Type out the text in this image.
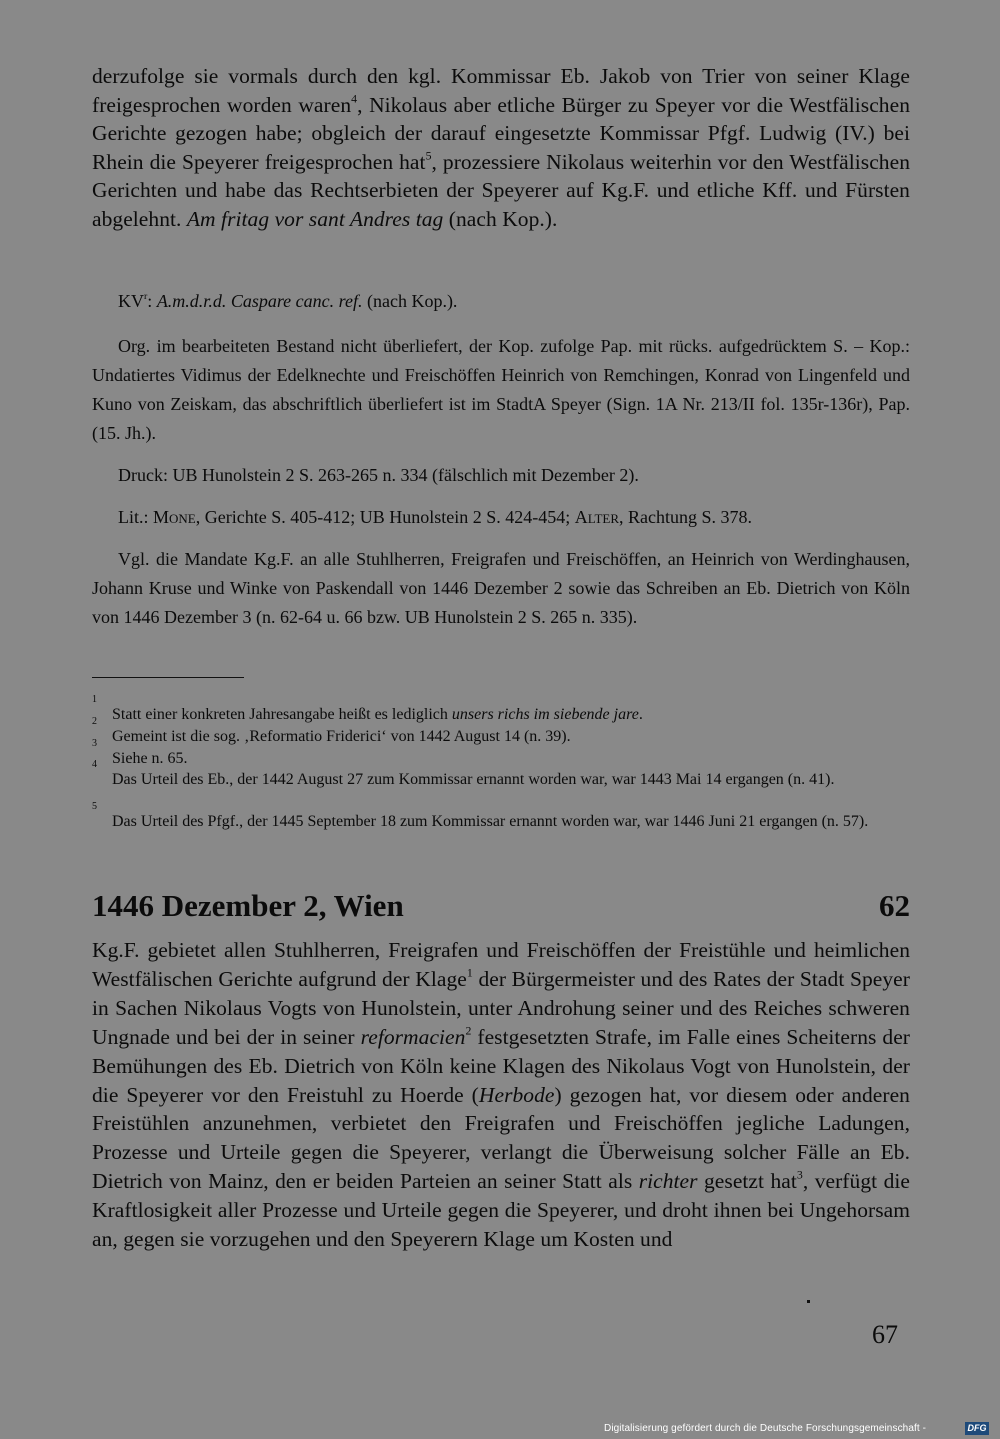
derzufolge sie vormals durch den kgl. Kommissar Eb. Jakob von Trier von seiner Klage freigesprochen worden waren$^4$, Nikolaus aber etliche Bürger zu Speyer vor die Westfälischen Gerichte gezogen habe; obgleich der darauf eingesetzte Kommissar Pfgf. Ludwig (IV.) bei Rhein die Speyerer freigesprochen hat$^5$, prozessiere Nikolaus weiterhin vor den Westfälischen Gerichten und habe das Rechtserbieten der Speyerer auf Kg.F. und etliche Kff. und Fürsten abgelehnt. Am fritag vor sant Andres tag (nach Kop.).

$KV^r$: A.m.d.r.d. Caspare canc. ref. (nach Kop.).

Org. im bearbeiteten Bestand nicht überliefert, der Kop. zufolge Pap. mit rücks. aufgedrücktem S. – Kop.: Undatiertes Vidimus der Edelknechte und Freischöffen Heinrich von Remchingen, Konrad von Lingenfeld und Kuno von Zeiskam, das abschriftlich überliefert ist im StadtA Speyer (Sign. 1A Nr. 213/II fol. 135r-136r), Pap. (15. Jh.).

Druck: UB Hunolstein 2 S. 263-265 n. 334 (fälschlich mit Dezember 2).

Lit.: Mone, Gerichte S. 405-412; UB Hunolstein 2 S. 424-454; Alter, Rachtung S. 378.

Vgl. die Mandate Kg.F. an alle Stuhlherren, Freigrafen und Freischöffen, an Heinrich von Werdinghausen, Johann Kruse und Winke von Paskendall von 1446 Dezember 2 sowie das Schreiben an Eb. Dietrich von Köln von 1446 Dezember 3 (n. 62-64 u. 66 bzw. UB Hunolstein 2 S. 265 n. 335).

1
Statt einer konkreten Jahresangabe heißt es lediglich unsers richs im siebende jare.

2
Gemeint ist die sog. ‚Reformatio Friderici‘ von 1442 August 14 (n. 39).

3
Siehe n. 65.

4
Das Urteil des Eb., der 1442 August 27 zum Kommissar ernannt worden war, war 1443 Mai 14 ergangen (n. 41).

5
Das Urteil des Pfgf., der 1445 September 18 zum Kommissar ernannt worden war, war 1446 Juni 21 ergangen (n. 57).

1446 Dezember 2, Wien	62

Kg.F. gebietet allen Stuhlherren, Freigrafen und Freischöffen der Freistühle und heimlichen Westfälischen Gerichte aufgrund der Klage$^1$ der Bürgermeister und des Rates der Stadt Speyer in Sachen Nikolaus Vogts von Hunolstein, unter Androhung seiner und des Reiches schweren Ungnade und bei der in seiner reformacien$^2$ festgesetzten Strafe, im Falle eines Scheiterns der Bemühungen des Eb. Dietrich von Köln keine Klagen des Nikolaus Vogt von Hunolstein, der die Speyerer vor den Freistuhl zu Hoerde (Herbode) gezogen hat, vor diesem oder anderen Freistühlen anzunehmen, verbietet den Freigrafen und Freischöffen jegliche Ladungen, Prozesse und Urteile gegen die Speyerer, verlangt die Überweisung solcher Fälle an Eb. Dietrich von Mainz, den er beiden Parteien an seiner Statt als richter gesetzt hat$^3$, verfügt die Kraftlosigkeit aller Prozesse und Urteile gegen die Speyerer, und droht ihnen bei Ungehorsam an, gegen sie vorzugehen und den Speyerern Klage um Kosten und

67
Digitalisierung gefördert durch die Deutsche Forschungsgemeinschaft -	DFG
